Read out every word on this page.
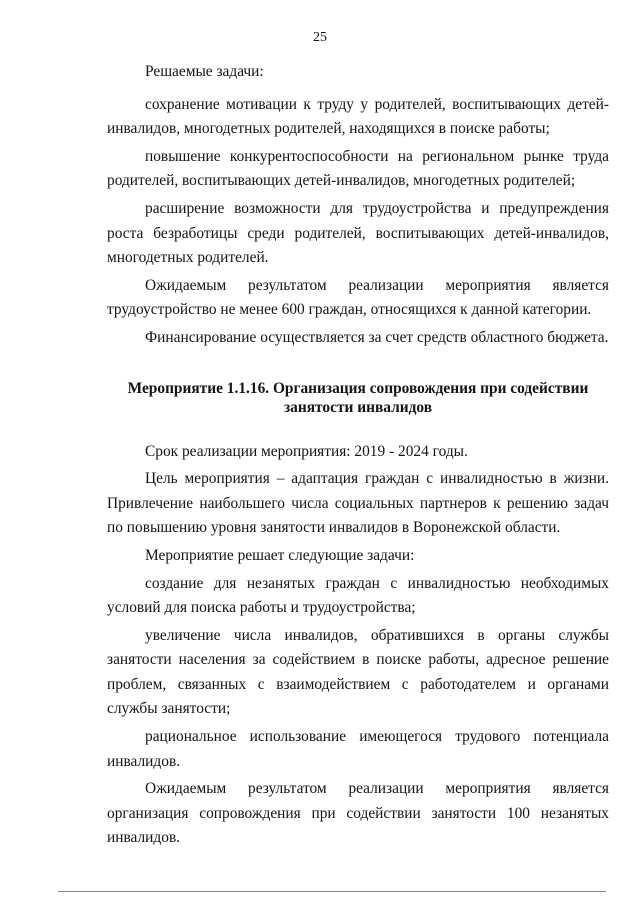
25

Решаемые задачи:

сохранение мотивации к труду у родителей, воспитывающих детей-инвалидов, многодетных родителей, находящихся в поиске работы;

повышение конкурентоспособности на региональном рынке труда родителей, воспитывающих детей-инвалидов, многодетных родителей;

расширение возможности для трудоустройства и предупреждения роста безработицы среди родителей, воспитывающих детей-инвалидов, многодетных родителей.

Ожидаемым результатом реализации мероприятия является трудоустройство не менее 600 граждан, относящихся к данной категории.

Финансирование осуществляется за счет средств областного бюджета.

Мероприятие 1.1.16. Организация сопровождения при содействии
занятости инвалидов

Срок реализации мероприятия: 2019 - 2024 годы.

Цель мероприятия – адаптация граждан с инвалидностью в жизни. Привлечение наибольшего числа социальных партнеров к решению задач по повышению уровня занятости инвалидов в Воронежской области.

Мероприятие решает следующие задачи:

создание для незанятых граждан с инвалидностью необходимых условий для поиска работы и трудоустройства;

увеличение числа инвалидов, обратившихся в органы службы занятости населения за содействием в поиске работы, адресное решение проблем, связанных с взаимодействием с работодателем и органами службы занятости;

рациональное использование имеющегося трудового потенциала инвалидов.

Ожидаемым результатом реализации мероприятия является организация сопровождения при содействии занятости 100 незанятых инвалидов.
